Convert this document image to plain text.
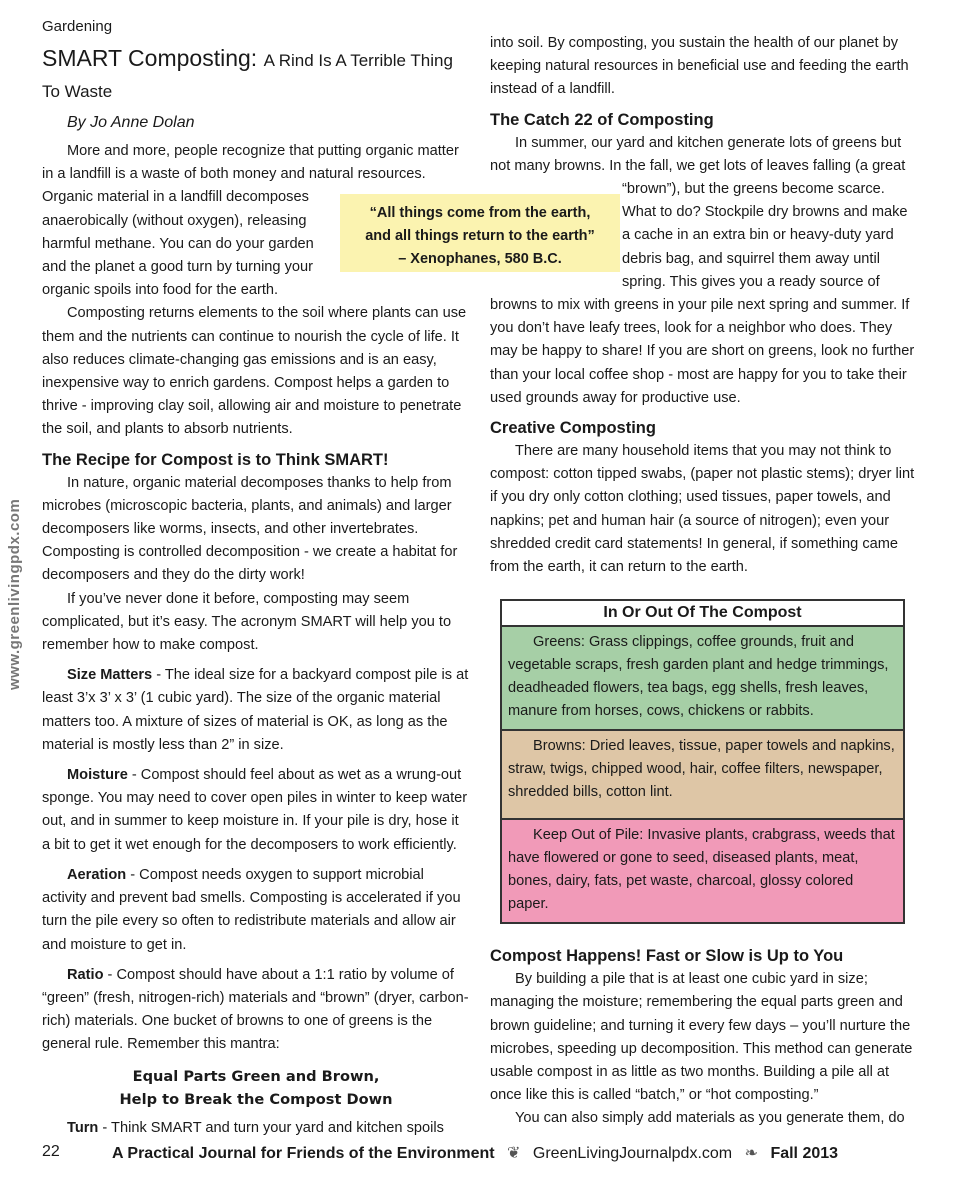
Gardening
www.greenlivingpdx.com
SMART Composting: A Rind Is A Terrible Thing To Waste
By Jo Anne Dolan

More and more, people recognize that putting organic matter in a landfill is a waste of both money and natural resources.

Organic material in a landfill decomposes anaerobically (without oxygen), releasing harmful methane. You can do your garden and the planet a good turn by turning your

organic spoils into food for the earth.

Composting returns elements to the soil where plants can use them and the nutrients can continue to nourish the cycle of life. It also reduces climate-changing gas emissions and is an easy, inexpensive way to enrich gardens. Compost helps a garden to thrive - improving clay soil, allowing air and moisture to penetrate the soil, and plants to absorb nutrients.

The Recipe for Compost is to Think SMART!

In nature, organic material decomposes thanks to help from microbes (microscopic bacteria, plants, and animals) and larger decomposers like worms, insects, and other invertebrates. Composting is controlled decomposition - we create a habitat for decomposers and they do the dirty work!

If you’ve never done it before, composting may seem complicated, but it’s easy. The acronym SMART will help you to remember how to make compost.

Size Matters - The ideal size for a backyard compost pile is at least 3’x 3’ x 3’ (1 cubic yard). The size of the organic material matters too. A mixture of sizes of material is OK, as long as the material is mostly less than 2” in size.

Moisture - Compost should feel about as wet as a wrung-out sponge. You may need to cover open piles in winter to keep water out, and in summer to keep moisture in. If your pile is dry, hose it a bit to get it wet enough for the decomposers to work efficiently.

Aeration - Compost needs oxygen to support microbial activity and prevent bad smells. Composting is accelerated if you turn the pile every so often to redistribute materials and allow air and moisture to get in.

Ratio - Compost should have about a 1:1 ratio by volume of “green” (fresh, nitrogen-rich) materials and “brown” (dryer, carbon-rich) materials. One bucket of browns to one of greens is the general rule. Remember this mantra:

Equal Parts Green and Brown,
Help to Break the Compost Down

Turn - Think SMART and turn your yard and kitchen spoils

“All things come from the earth,
and all things return to the earth”
– Xenophanes, 580 B.C.

into soil. By composting, you sustain the health of our planet by keeping natural resources in beneficial use and feeding the earth instead of a landfill.

The Catch 22 of Composting

In summer, our yard and kitchen generate lots of greens but not many browns. In the fall, we get lots of leaves falling (a great

“brown”), but the greens become scarce. What to do? Stockpile dry browns and make a cache in an extra bin or heavy-duty yard debris bag, and squirrel them away until spring. This gives you a ready source of

browns to mix with greens in your pile next spring and summer. If you don’t have leafy trees, look for a neighbor who does. They may be happy to share! If you are short on greens, look no further than your local coffee shop - most are happy for you to take their used grounds away for productive use.

Creative Composting

There are many household items that you may not think to compost: cotton tipped swabs, (paper not plastic stems); dryer lint if you dry only cotton clothing; used tissues, paper towels, and napkins; pet and human hair (a source of nitrogen); even your shredded credit card statements! In general, if something came from the earth, it can return to the earth.

In Or Out Of The Compost
Greens: Grass clippings, coffee grounds, fruit and vegetable scraps, fresh garden plant and hedge trimmings, deadheaded flowers, tea bags, egg shells, fresh leaves, manure from horses, cows, chickens or rabbits.
Browns: Dried leaves, tissue, paper towels and napkins, straw, twigs, chipped wood, hair, coffee filters, newspaper, shredded bills, cotton lint.
Keep Out of Pile: Invasive plants, crabgrass, weeds that have flowered or gone to seed, diseased plants, meat, bones, dairy, fats, pet waste, charcoal, glossy colored paper.
Compost Happens! Fast or Slow is Up to You

By building a pile that is at least one cubic yard in size; managing the moisture; remembering the equal parts green and brown guideline; and turning it every few days – you’ll nurture the microbes, speeding up decomposition. This method can generate usable compost in as little as two months. Building a pile all at once like this is called “batch,” or “hot composting.”

You can also simply add materials as you generate them, do

22	A Practical Journal for Friends of the Environment ❦ GreenLivingJournalpdx.com ❧ Fall 2013
